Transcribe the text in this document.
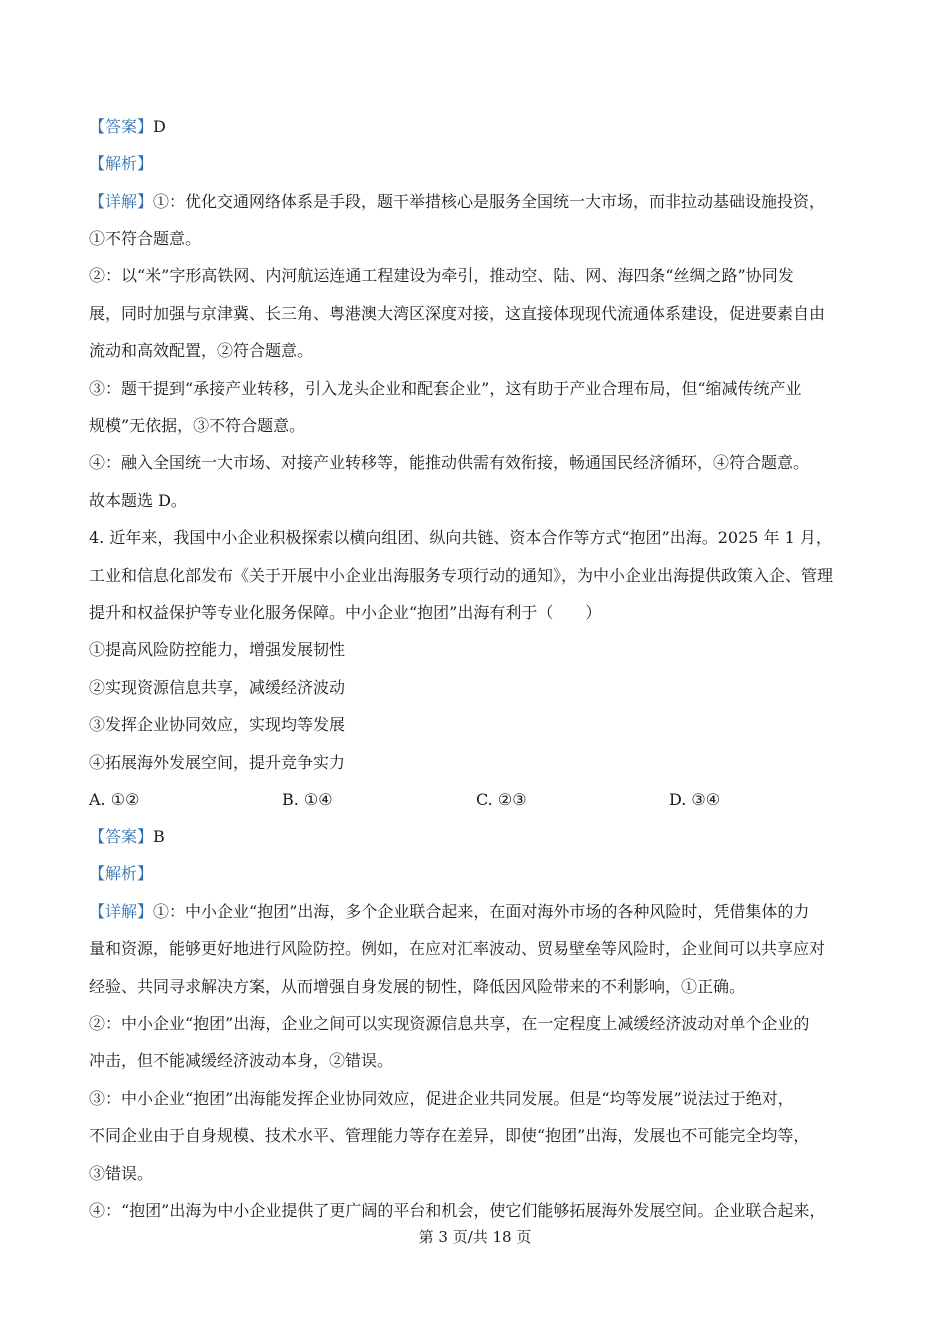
【答案】D
【解析】
【详解】①：优化交通网络体系是手段，题干举措核心是服务全国统一大市场，而非拉动基础设施投资，
①不符合题意。
②：以“米”字形高铁网、内河航运连通工程建设为牵引，推动空、陆、网、海四条“丝绸之路”协同发
展，同时加强与京津冀、长三角、粤港澳大湾区深度对接，这直接体现现代流通体系建设，促进要素自由
流动和高效配置，②符合题意。
③：题干提到“承接产业转移，引入龙头企业和配套企业”，这有助于产业合理布局，但“缩减传统产业
规模”无依据，③不符合题意。
④：融入全国统一大市场、对接产业转移等，能推动供需有效衔接，畅通国民经济循环，④符合题意。
故本题选 D。
4. 近年来，我国中小企业积极探索以横向组团、纵向共链、资本合作等方式“抱团”出海。2025 年 1 月，
工业和信息化部发布《关于开展中小企业出海服务专项行动的通知》，为中小企业出海提供政策入企、管理
提升和权益保护等专业化服务保障。中小企业“抱团”出海有利于（　　）
①提高风险防控能力，增强发展韧性
②实现资源信息共享，减缓经济波动
③发挥企业协同效应，实现均等发展
④拓展海外发展空间，提升竞争实力
A. ①②	B. ①④	C. ②③	D. ③④
【答案】B
【解析】
【详解】①：中小企业“抱团”出海，多个企业联合起来，在面对海外市场的各种风险时，凭借集体的力
量和资源，能够更好地进行风险防控。例如，在应对汇率波动、贸易壁垒等风险时，企业间可以共享应对
经验、共同寻求解决方案，从而增强自身发展的韧性，降低因风险带来的不利影响，①正确。
②：中小企业“抱团”出海，企业之间可以实现资源信息共享，在一定程度上减缓经济波动对单个企业的
冲击，但不能减缓经济波动本身，②错误。
③：中小企业“抱团”出海能发挥企业协同效应，促进企业共同发展。但是“均等发展”说法过于绝对，
不同企业由于自身规模、技术水平、管理能力等存在差异，即使“抱团”出海，发展也不可能完全均等，
③错误。
④：“抱团”出海为中小企业提供了更广阔的平台和机会，使它们能够拓展海外发展空间。企业联合起来，
第 3 页/共 18 页
